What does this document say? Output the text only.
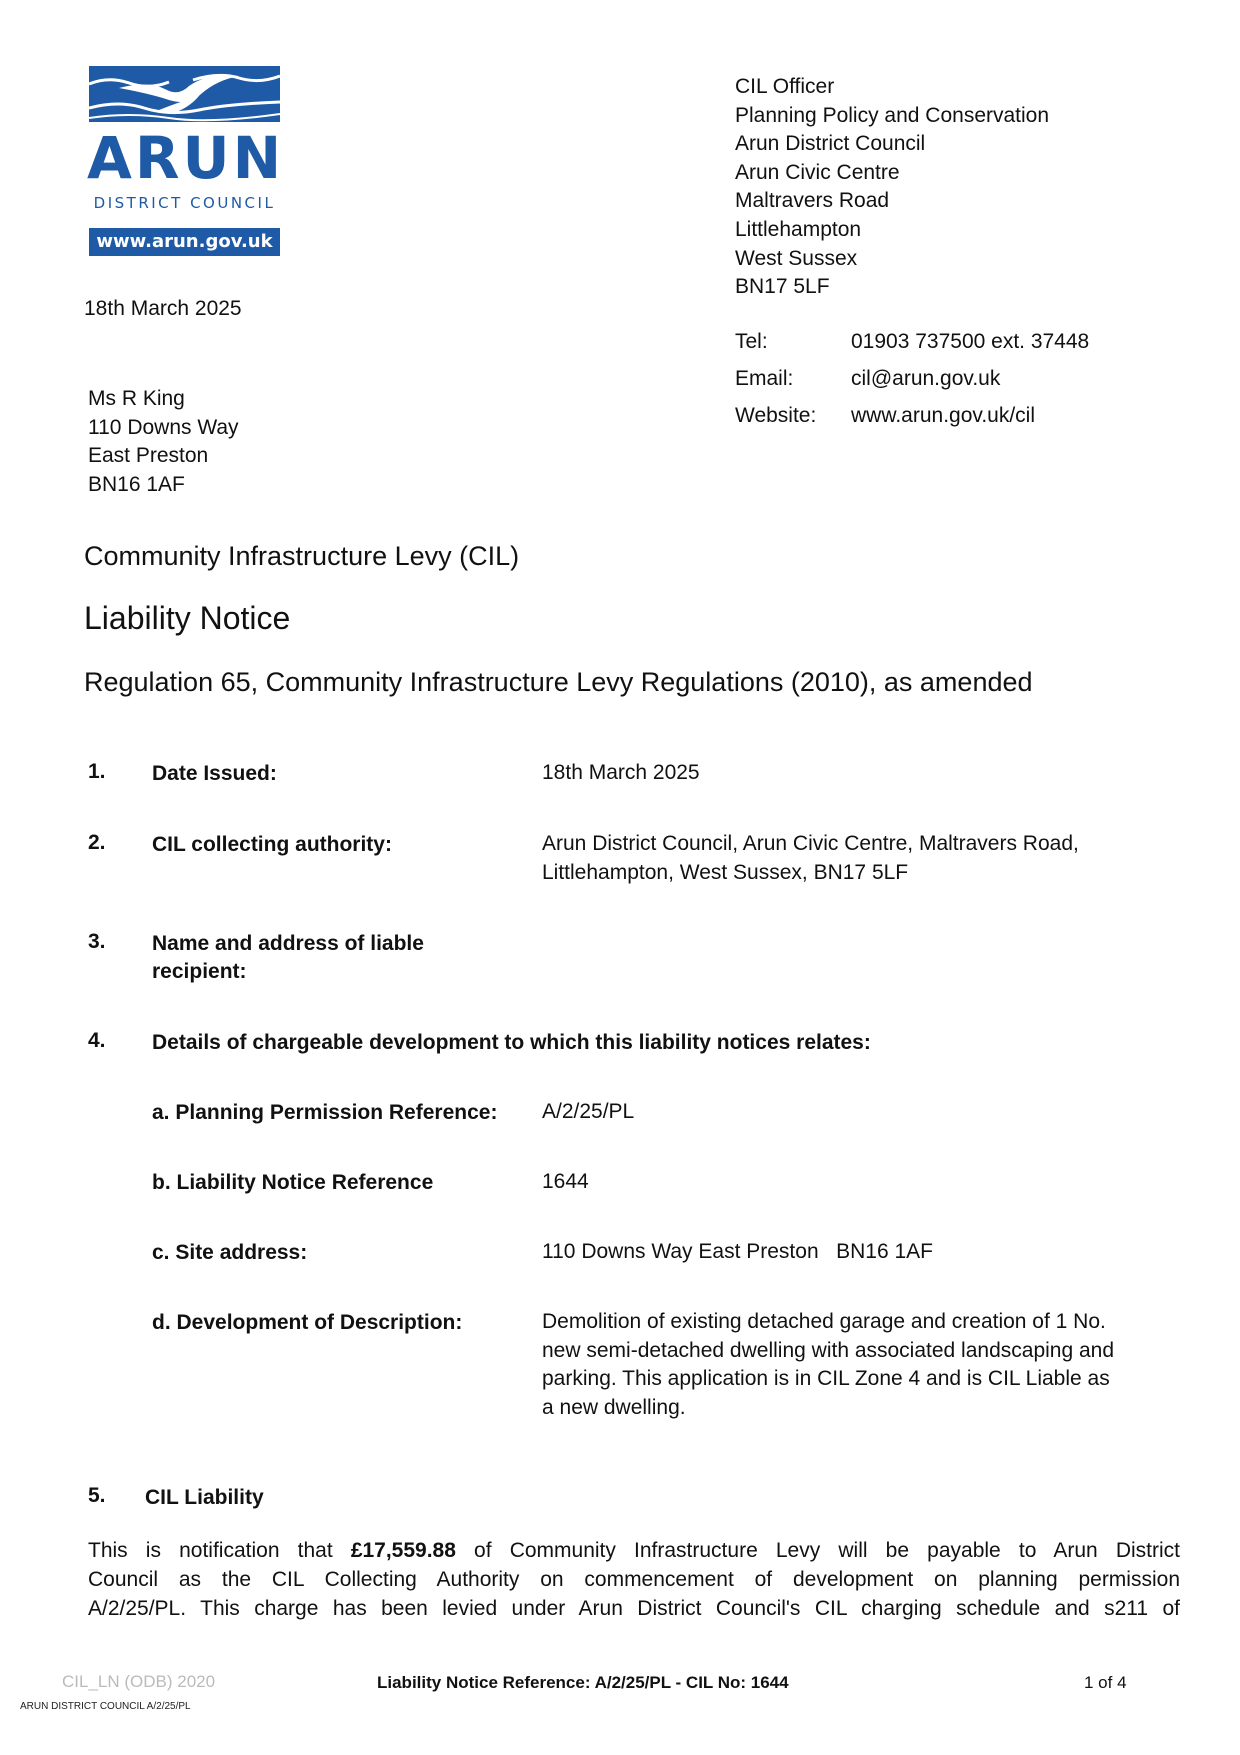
ARUN
DISTRICT COUNCIL
www.arun.gov.uk
CIL Officer
Planning Policy and Conservation
Arun District Council
Arun Civic Centre
Maltravers Road
Littlehampton
West Sussex
BN17 5LF
Tel:	01903 737500 ext. 37448
Email:	cil@arun.gov.uk
Website:	www.arun.gov.uk/cil
18th March 2025
Ms R King
110 Downs Way
East Preston
BN16 1AF
Community Infrastructure Levy (CIL)
Liability Notice
Regulation 65, Community Infrastructure Levy Regulations (2010), as amended
1. Date Issued:	18th March 2025
2. CIL collecting authority:	Arun District Council, Arun Civic Centre, Maltravers Road,
Littlehampton, West Sussex, BN17 5LF
3. Name and address of liable
recipient:
4. Details of chargeable development to which this liability notices relates:
a. Planning Permission Reference: A/2/25/PL
b. Liability Notice Reference	1644
c. Site address:	110 Downs Way East Preston   BN16 1AF
d. Development of Description:	Demolition of existing detached garage and creation of 1 No.
new semi-detached dwelling with associated landscaping and
parking. This application is in CIL Zone 4 and is CIL Liable as
a new dwelling.
5. CIL Liability
This is notification that £17,559.88 of Community Infrastructure Levy will be payable to Arun District
Council as the CIL Collecting Authority on commencement of development on planning permission
A/2/25/PL. This charge has been levied under Arun District Council's CIL charging schedule and s211 of
CIL_LN (ODB) 2020	Liability Notice Reference: A/2/25/PL - CIL No: 1644	1 of 4
ARUN DISTRICT COUNCIL A/2/25/PL
